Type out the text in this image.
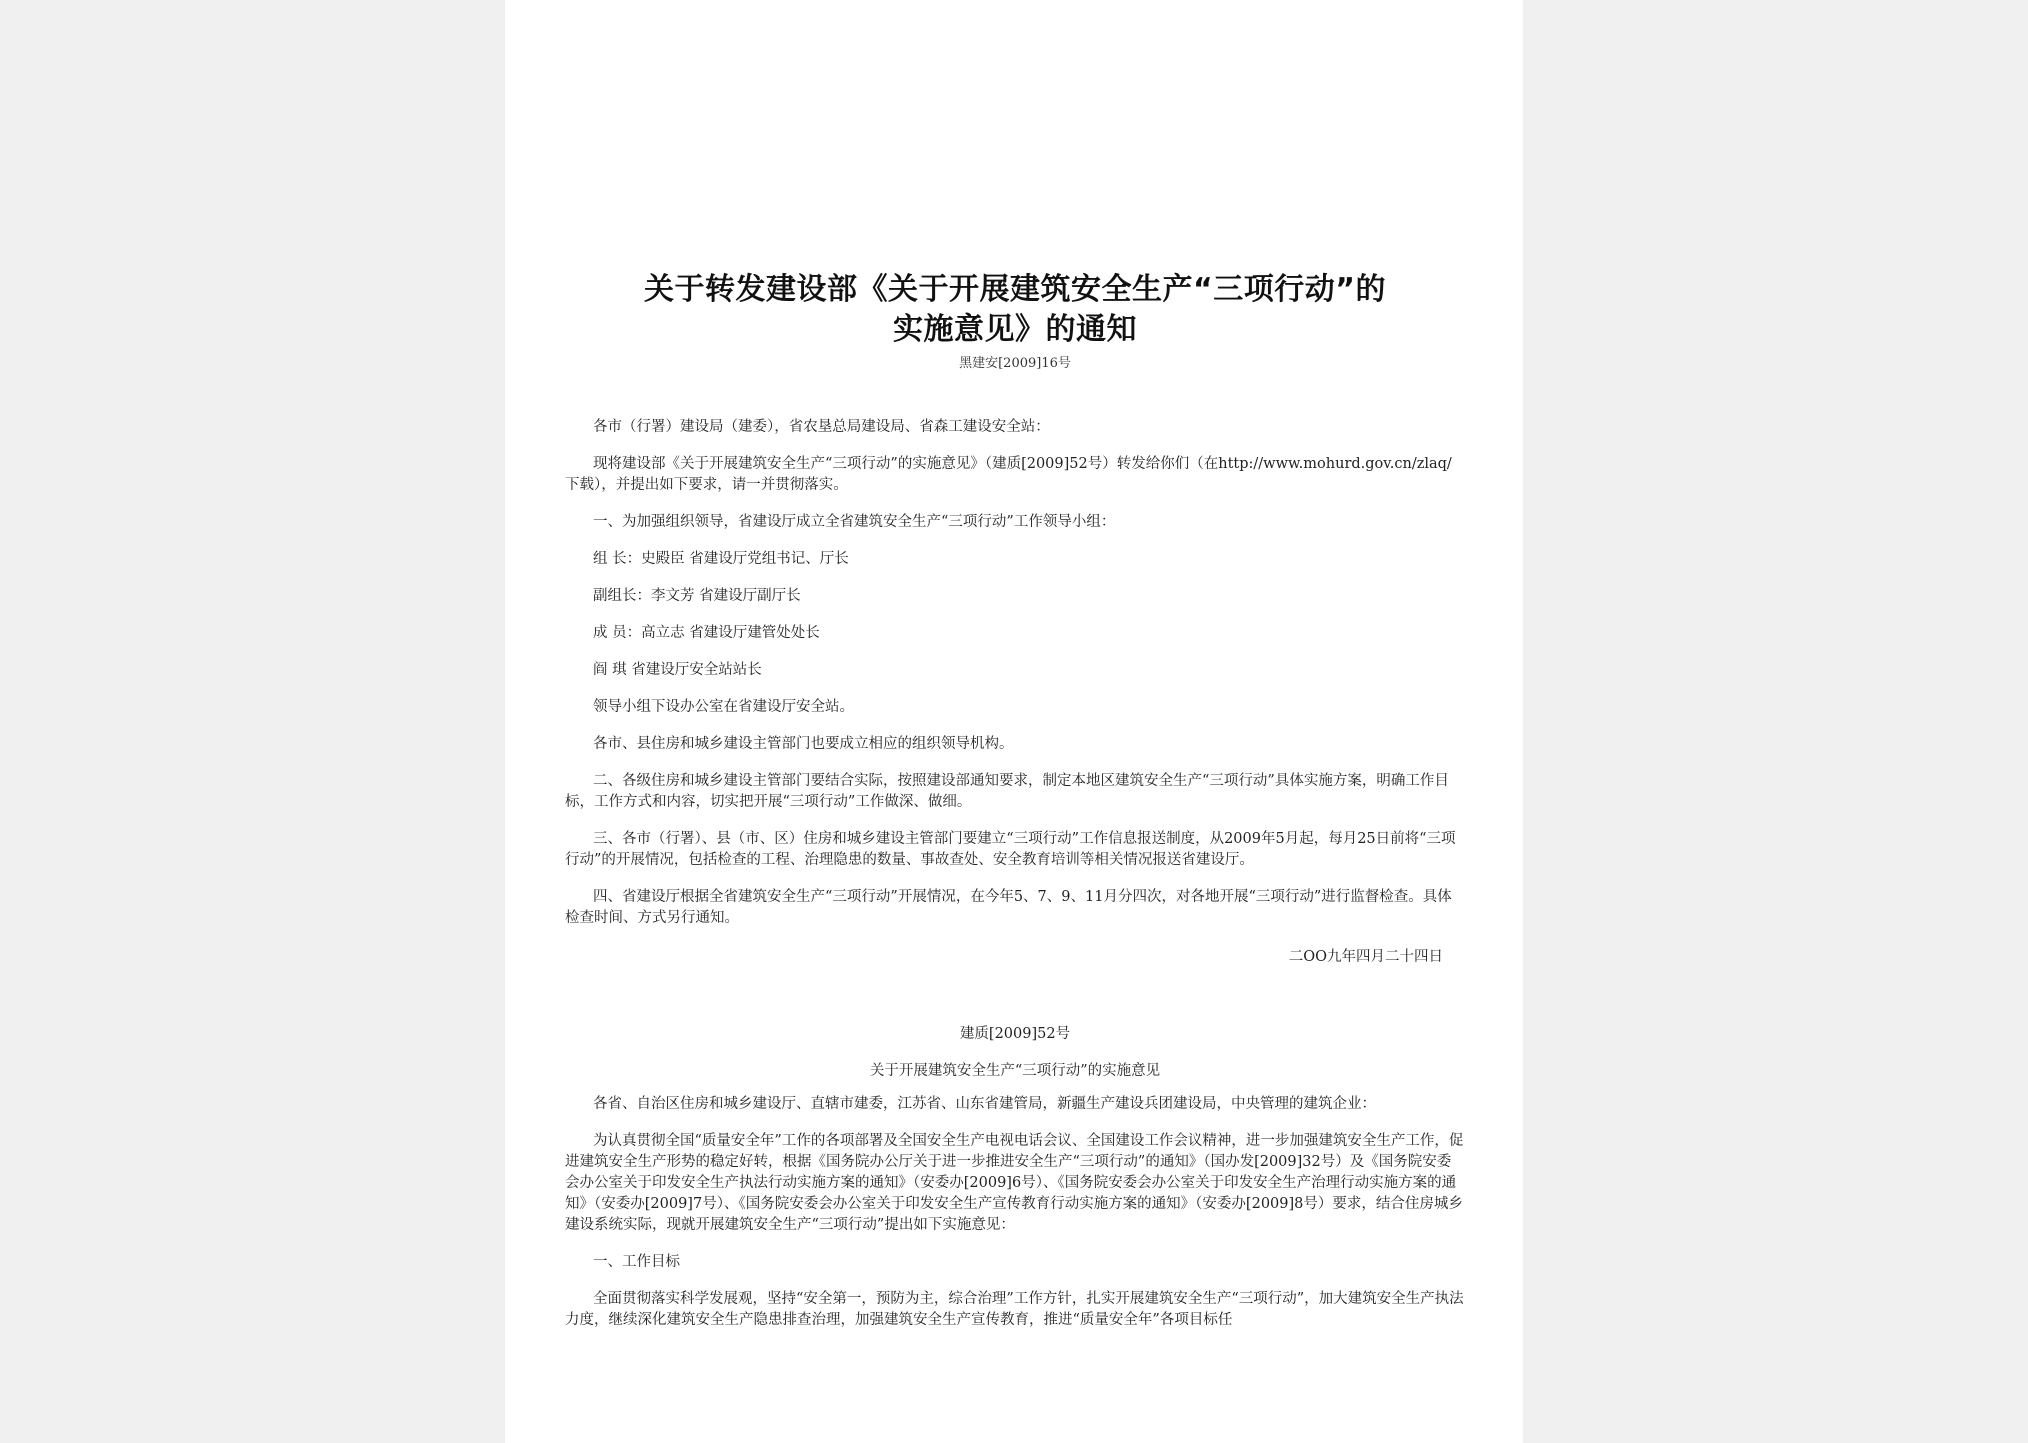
关于转发建设部《关于开展建筑安全生产“三项行动”的
实施意见》的通知
黑建安[2009]16号

各市（行署）建设局（建委），省农垦总局建设局、省森工建设安全站：

现将建设部《关于开展建筑安全生产“三项行动”的实施意见》（建质[2009]52号）转发给你们（在http://www.mohurd.gov.cn/zlaq/下载），并提出如下要求，请一并贯彻落实。

一、为加强组织领导，省建设厅成立全省建筑安全生产“三项行动”工作领导小组：

组 长：史殿臣 省建设厅党组书记、厅长

副组长：李文芳 省建设厅副厅长

成 员：高立志 省建设厅建管处处长

阎 琪 省建设厅安全站站长

领导小组下设办公室在省建设厅安全站。

各市、县住房和城乡建设主管部门也要成立相应的组织领导机构。

二、各级住房和城乡建设主管部门要结合实际，按照建设部通知要求，制定本地区建筑安全生产“三项行动”具体实施方案，明确工作目标，工作方式和内容，切实把开展“三项行动”工作做深、做细。

三、各市（行署）、县（市、区）住房和城乡建设主管部门要建立“三项行动”工作信息报送制度，从2009年5月起，每月25日前将“三项行动”的开展情况，包括检查的工程、治理隐患的数量、事故查处、安全教育培训等相关情况报送省建设厅。

四、省建设厅根据全省建筑安全生产“三项行动”开展情况，在今年5、7、9、11月分四次，对各地开展“三项行动”进行监督检查。具体检查时间、方式另行通知。

二OO九年四月二十四日
建质[2009]52号
关于开展建筑安全生产“三项行动”的实施意见

各省、自治区住房和城乡建设厅、直辖市建委，江苏省、山东省建管局，新疆生产建设兵团建设局，中央管理的建筑企业：

为认真贯彻全国“质量安全年”工作的各项部署及全国安全生产电视电话会议、全国建设工作会议精神，进一步加强建筑安全生产工作，促进建筑安全生产形势的稳定好转，根据《国务院办公厅关于进一步推进安全生产“三项行动”的通知》（国办发[2009]32号）及《国务院安委会办公室关于印发安全生产执法行动实施方案的通知》（安委办[2009]6号）、《国务院安委会办公室关于印发安全生产治理行动实施方案的通知》（安委办[2009]7号）、《国务院安委会办公室关于印发安全生产宣传教育行动实施方案的通知》（安委办[2009]8号）要求，结合住房城乡建设系统实际，现就开展建筑安全生产“三项行动”提出如下实施意见：

一、工作目标

全面贯彻落实科学发展观，坚持“安全第一，预防为主，综合治理”工作方针，扎实开展建筑安全生产“三项行动”，加大建筑安全生产执法力度，继续深化建筑安全生产隐患排查治理，加强建筑安全生产宣传教育，推进“质量安全年”各项目标任
